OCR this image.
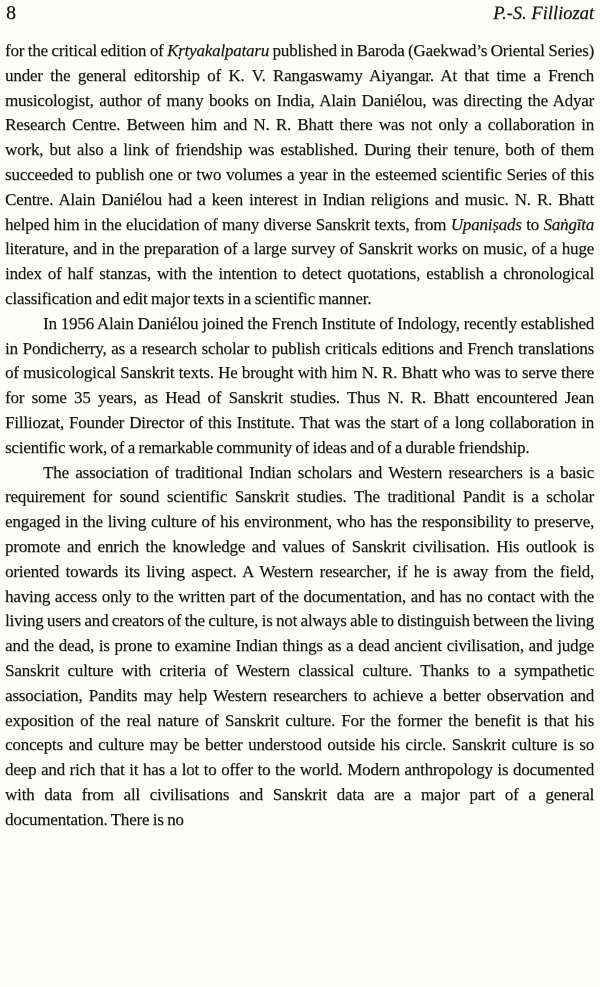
8	P.-S. Filliozat

for the critical edition of Kṛtyakalpataru published in Baroda (Gaekwad’s Oriental Series) under the general editorship of K. V. Rangaswamy Aiyangar. At that time a French musicologist, author of many books on India, Alain Daniélou, was directing the Adyar Research Centre. Between him and N. R. Bhatt there was not only a collaboration in work, but also a link of friendship was established. During their tenure, both of them succeeded to publish one or two volumes a year in the esteemed scientific Series of this Centre. Alain Daniélou had a keen interest in Indian religions and music. N. R. Bhatt helped him in the elucidation of many diverse Sanskrit texts, from Upaniṣads to Saṅgīta literature, and in the preparation of a large survey of Sanskrit works on music, of a huge index of half stanzas, with the intention to detect quotations, establish a chronological classification and edit major texts in a scientific manner.

In 1956 Alain Daniélou joined the French Institute of Indology, recently established in Pondicherry, as a research scholar to publish criticals editions and French translations of musicological Sanskrit texts. He brought with him N. R. Bhatt who was to serve there for some 35 years, as Head of Sanskrit studies. Thus N. R. Bhatt encountered Jean Filliozat, Founder Director of this Institute. That was the start of a long collaboration in scientific work, of a remarkable community of ideas and of a durable friendship.

The association of traditional Indian scholars and Western researchers is a basic requirement for sound scientific Sanskrit studies. The traditional Pandit is a scholar engaged in the living culture of his environment, who has the responsibility to preserve, promote and enrich the knowledge and values of Sanskrit civilisation. His outlook is oriented towards its living aspect. A Western researcher, if he is away from the field, having access only to the written part of the documentation, and has no contact with the living users and creators of the culture, is not always able to distinguish between the living and the dead, is prone to examine Indian things as a dead ancient civilisation, and judge Sanskrit culture with criteria of Western classical culture. Thanks to a sympathetic association, Pandits may help Western researchers to achieve a better observation and exposition of the real nature of Sanskrit culture. For the former the benefit is that his concepts and culture may be better understood outside his circle. Sanskrit culture is so deep and rich that it has a lot to offer to the world. Modern anthropology is documented with data from all civilisations and Sanskrit data are a major part of a general documentation. There is no
